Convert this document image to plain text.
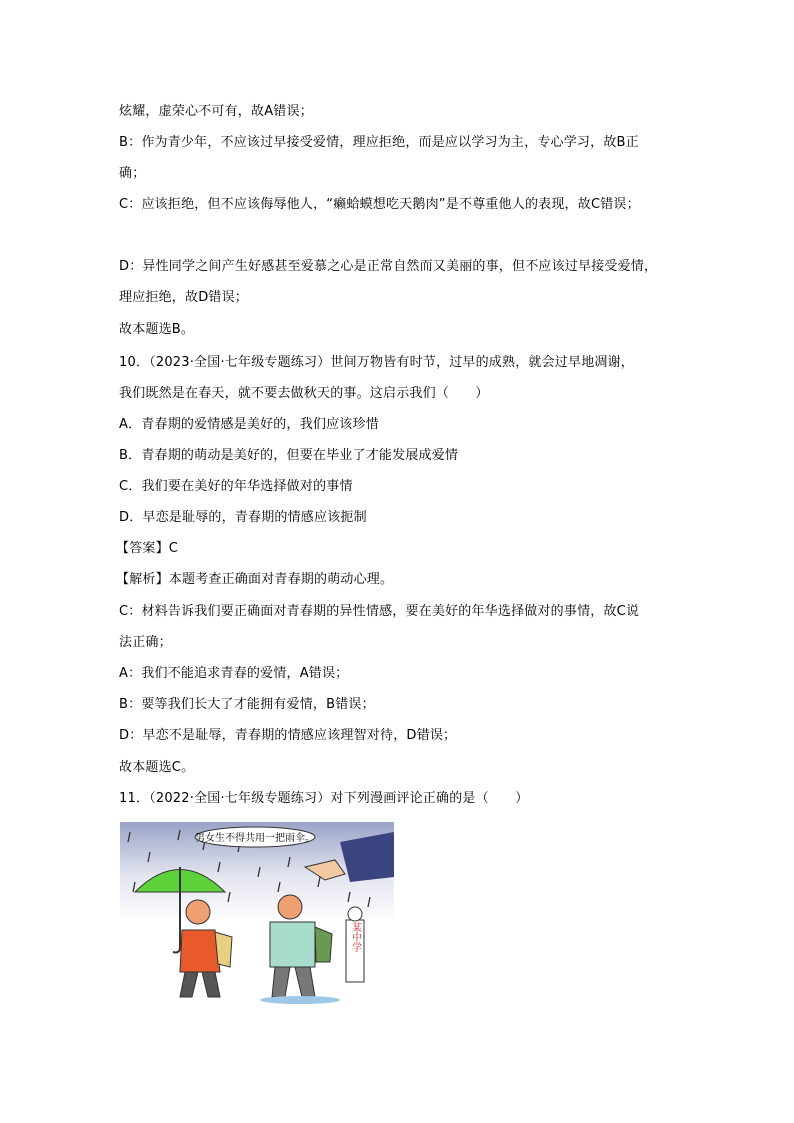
炫耀，虚荣心不可有，故A错误；
B：作为青少年，不应该过早接受爱情，理应拒绝，而是应以学习为主，专心学习，故B正
确；
C：应该拒绝，但不应该侮辱他人，“癞蛤蟆想吃天鹅肉”是不尊重他人的表现，故C错误；
D：异性同学之间产生好感甚至爱慕之心是正常自然而又美丽的事，但不应该过早接受爱情，
理应拒绝，故D错误；
故本题选B。
10．（2023·全国·七年级专题练习）世间万物皆有时节，过早的成熟，就会过早地凋谢，
我们既然是在春天，就不要去做秋天的事。这启示我们（　　）
A．青春期的爱情感是美好的，我们应该珍惜
B．青春期的萌动是美好的，但要在毕业了才能发展成爱情
C．我们要在美好的年华选择做对的事情
D．早恋是耻辱的，青春期的情感应该扼制
【答案】C
【解析】本题考查正确面对青春期的萌动心理。
C：材料告诉我们要正确面对青春期的异性情感，要在美好的年华选择做对的事情，故C说
法正确；
A：我们不能追求青春的爱情，A错误；
B：要等我们长大了才能拥有爱情，B错误；
D：早恋不是耻辱，青春期的情感应该理智对待，D错误；
故本题选C。
11．（2022·全国·七年级专题练习）对下列漫画评论正确的是（　　）
男女生不得共用一把雨伞。
某中学
